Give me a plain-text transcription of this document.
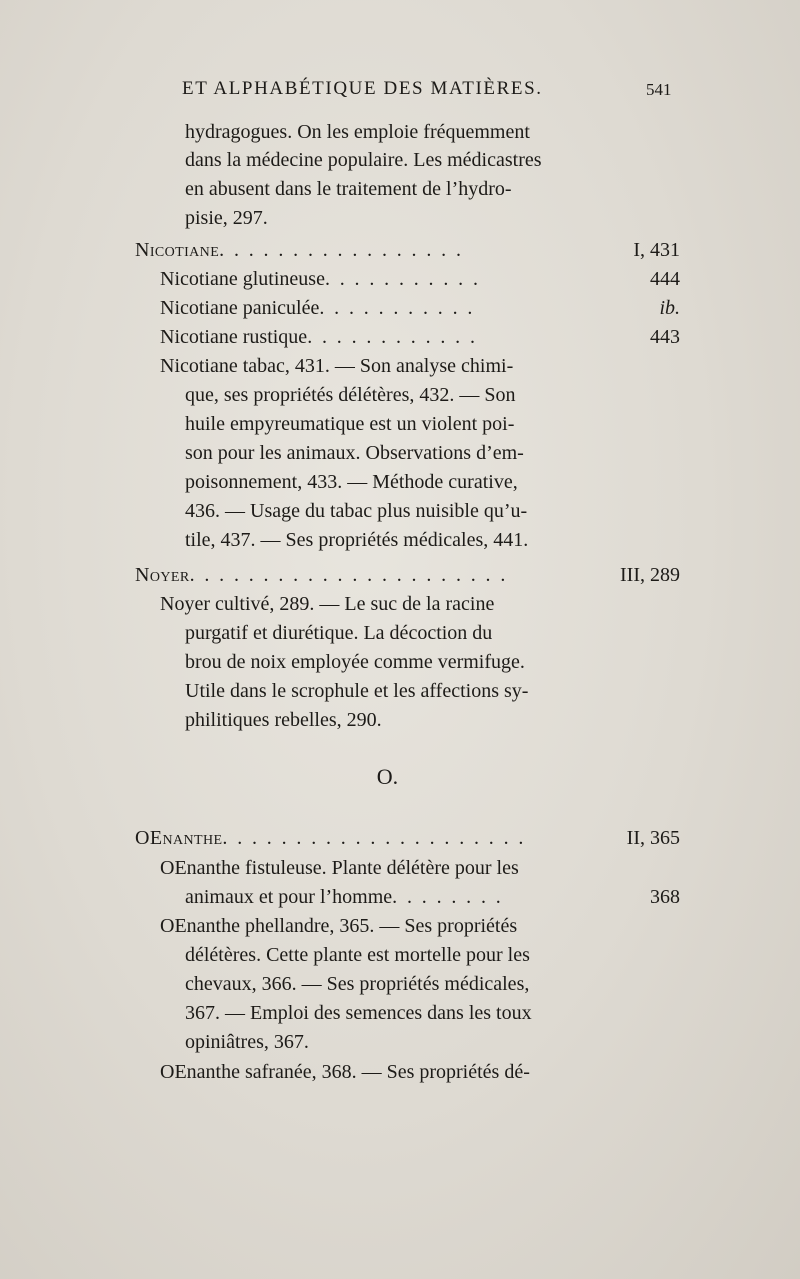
ET ALPHABÉTIQUE DES MATIÈRES.	541
hydragogues. On les emploie fréquemment
dans la médecine populaire. Les médicastres
en abusent dans le traitement de l’hydro-
pisie, 297.
Nicotiane. . . . . . . . . . . . . . . . .	I, 431
Nicotiane glutineuse. . . . . . . . . . .	444
Nicotiane paniculée. . . . . . . . . . .	ib.
Nicotiane rustique. . . . . . . . . . . .	443
Nicotiane tabac, 431. — Son analyse chimi-
que, ses propriétés délétères, 432. — Son
huile empyreumatique est un violent poi-
son pour les animaux. Observations d’em-
poisonnement, 433. — Méthode curative,
436. — Usage du tabac plus nuisible qu’u-
tile, 437. — Ses propriétés médicales, 441.
Noyer. . . . . . . . . . . . . . . . . . . . . .	III, 289
Noyer cultivé, 289. — Le suc de la racine
purgatif et diurétique. La décoction du
brou de noix employée comme vermifuge.
Utile dans le scrophule et les affections sy-
philitiques rebelles, 290.
O.
OEnanthe. . . . . . . . . . . . . . . . . . . . .	II, 365
OEnanthe fistuleuse. Plante délétère pour les
animaux et pour l’homme. . . . . . . .	368
OEnanthe phellandre, 365. — Ses propriétés
délétères. Cette plante est mortelle pour les
chevaux, 366. — Ses propriétés médicales,
367. — Emploi des semences dans les toux
opiniâtres, 367.
OEnanthe safranée, 368. — Ses propriétés dé-
